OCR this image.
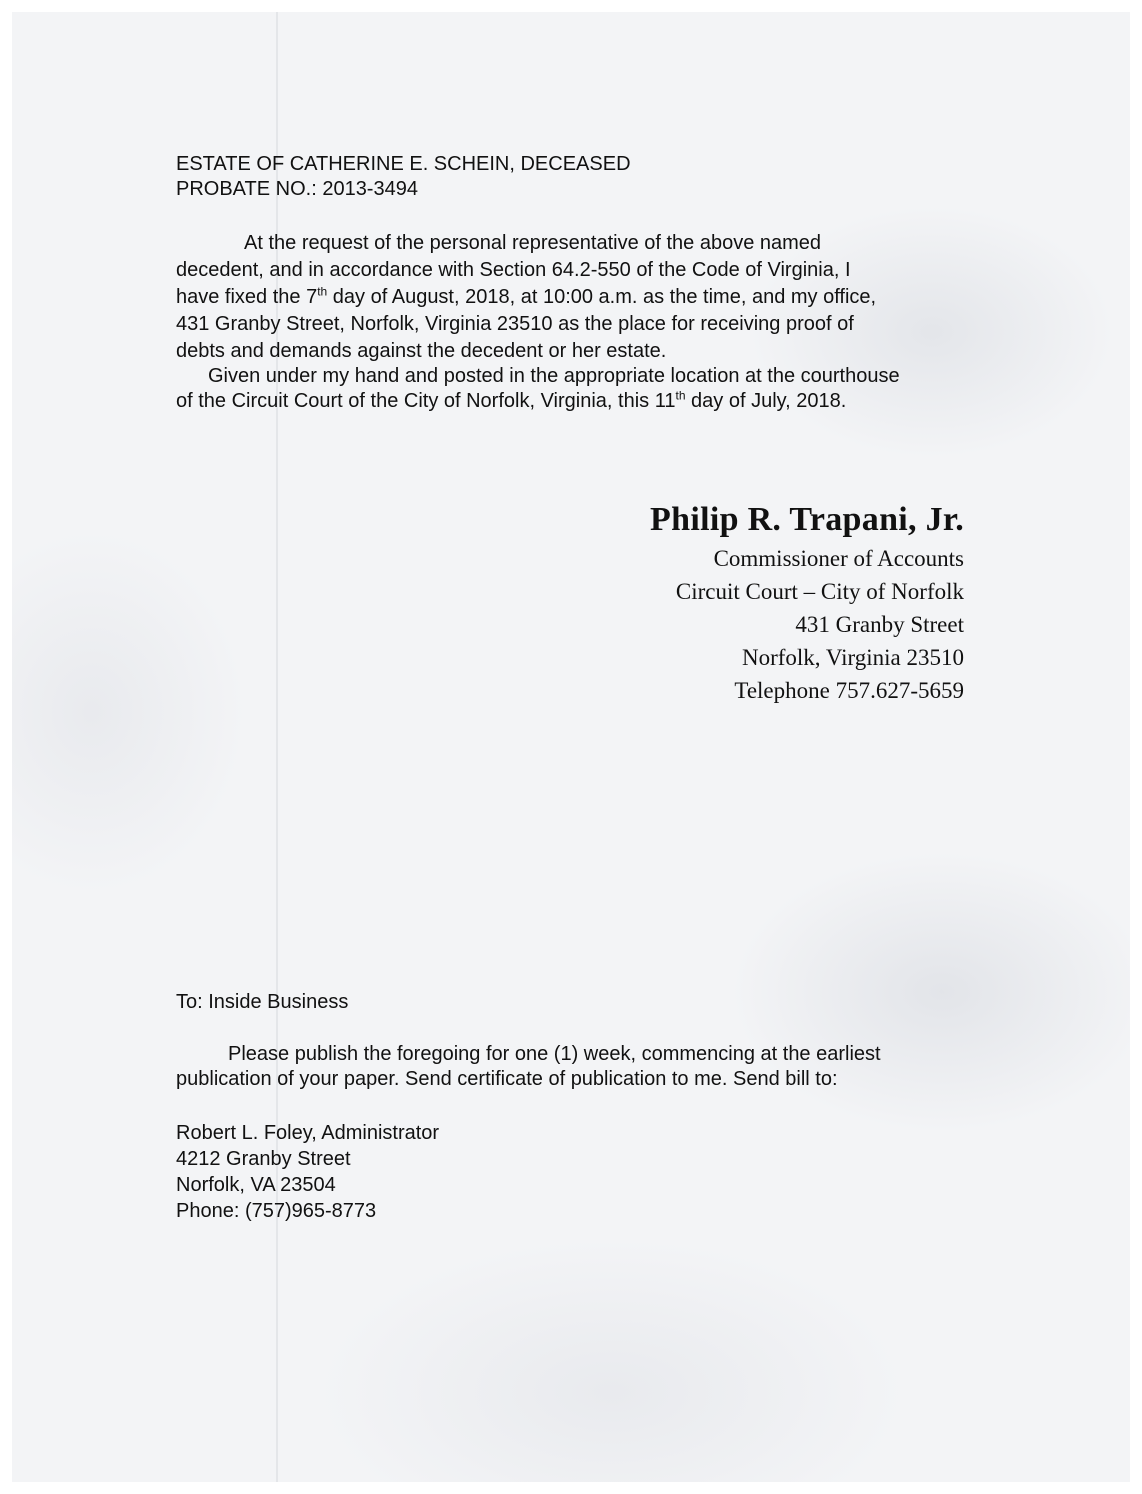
ESTATE OF CATHERINE E. SCHEIN, DECEASED
PROBATE NO.: 2013-3494
At the request of the personal representative of the above named
decedent, and in accordance with Section 64.2-550 of the Code of Virginia, I
have fixed the 7th day of August, 2018, at 10:00 a.m. as the time, and my office,
431 Granby Street, Norfolk, Virginia 23510 as the place for receiving proof of
debts and demands against the decedent or her estate.
Given under my hand and posted in the appropriate location at the courthouse
of the Circuit Court of the City of Norfolk, Virginia, this 11th day of July, 2018.
Philip R. Trapani, Jr.
Commissioner of Accounts
Circuit Court – City of Norfolk
431 Granby Street
Norfolk, Virginia 23510
Telephone 757.627-5659
To: Inside Business
Please publish the foregoing for one (1) week, commencing at the earliest
publication of your paper. Send certificate of publication to me. Send bill to:
Robert L. Foley, Administrator
4212 Granby Street
Norfolk, VA 23504
Phone: (757)965-8773
